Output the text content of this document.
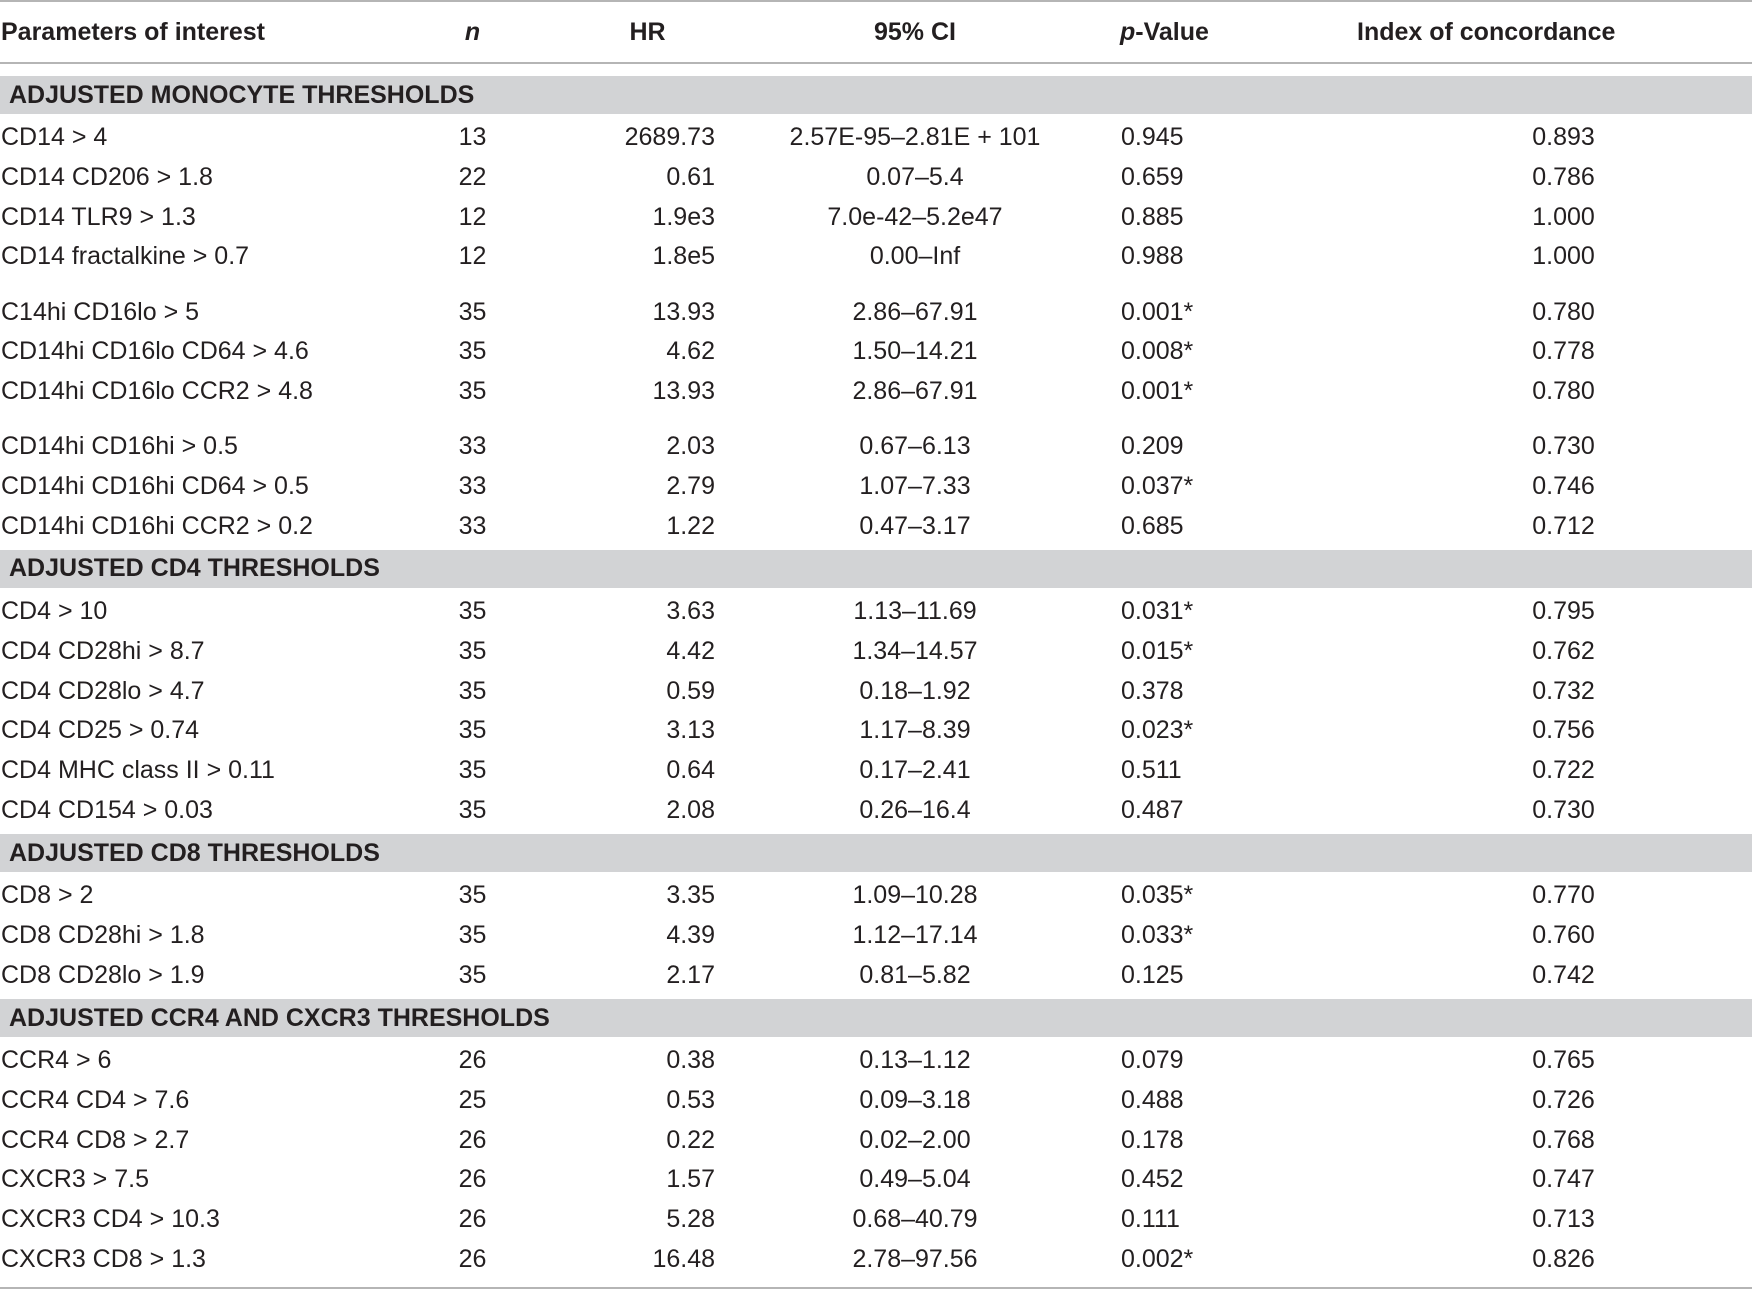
Parameters of interest	n	HR	95% CI	p-Value	Index of concordance
ADJUSTED MONOCYTE THRESHOLDS
CD14 > 4	13	2689.73	2.57E-95–2.81E + 101	0.945	0.893
CD14 CD206 > 1.8	22	0.61	0.07–5.4	0.659	0.786
CD14 TLR9 > 1.3	12	1.9e3	7.0e-42–5.2e47	0.885	1.000
CD14 fractalkine > 0.7	12	1.8e5	0.00–Inf	0.988	1.000
C14hi CD16lo > 5	35	13.93	2.86–67.91	0.001*	0.780
CD14hi CD16lo CD64 > 4.6	35	4.62	1.50–14.21	0.008*	0.778
CD14hi CD16lo CCR2 > 4.8	35	13.93	2.86–67.91	0.001*	0.780
CD14hi CD16hi > 0.5	33	2.03	0.67–6.13	0.209	0.730
CD14hi CD16hi CD64 > 0.5	33	2.79	1.07–7.33	0.037*	0.746
CD14hi CD16hi CCR2 > 0.2	33	1.22	0.47–3.17	0.685	0.712
ADJUSTED CD4 THRESHOLDS
CD4 > 10	35	3.63	1.13–11.69	0.031*	0.795
CD4 CD28hi > 8.7	35	4.42	1.34–14.57	0.015*	0.762
CD4 CD28lo > 4.7	35	0.59	0.18–1.92	0.378	0.732
CD4 CD25 > 0.74	35	3.13	1.17–8.39	0.023*	0.756
CD4 MHC class II > 0.11	35	0.64	0.17–2.41	0.511	0.722
CD4 CD154 > 0.03	35	2.08	0.26–16.4	0.487	0.730
ADJUSTED CD8 THRESHOLDS
CD8 > 2	35	3.35	1.09–10.28	0.035*	0.770
CD8 CD28hi > 1.8	35	4.39	1.12–17.14	0.033*	0.760
CD8 CD28lo > 1.9	35	2.17	0.81–5.82	0.125	0.742
ADJUSTED CCR4 AND CXCR3 THRESHOLDS
CCR4 > 6	26	0.38	0.13–1.12	0.079	0.765
CCR4 CD4 > 7.6	25	0.53	0.09–3.18	0.488	0.726
CCR4 CD8 > 2.7	26	0.22	0.02–2.00	0.178	0.768
CXCR3 > 7.5	26	1.57	0.49–5.04	0.452	0.747
CXCR3 CD4 > 10.3	26	5.28	0.68–40.79	0.111	0.713
CXCR3 CD8 > 1.3	26	16.48	2.78–97.56	0.002*	0.826
